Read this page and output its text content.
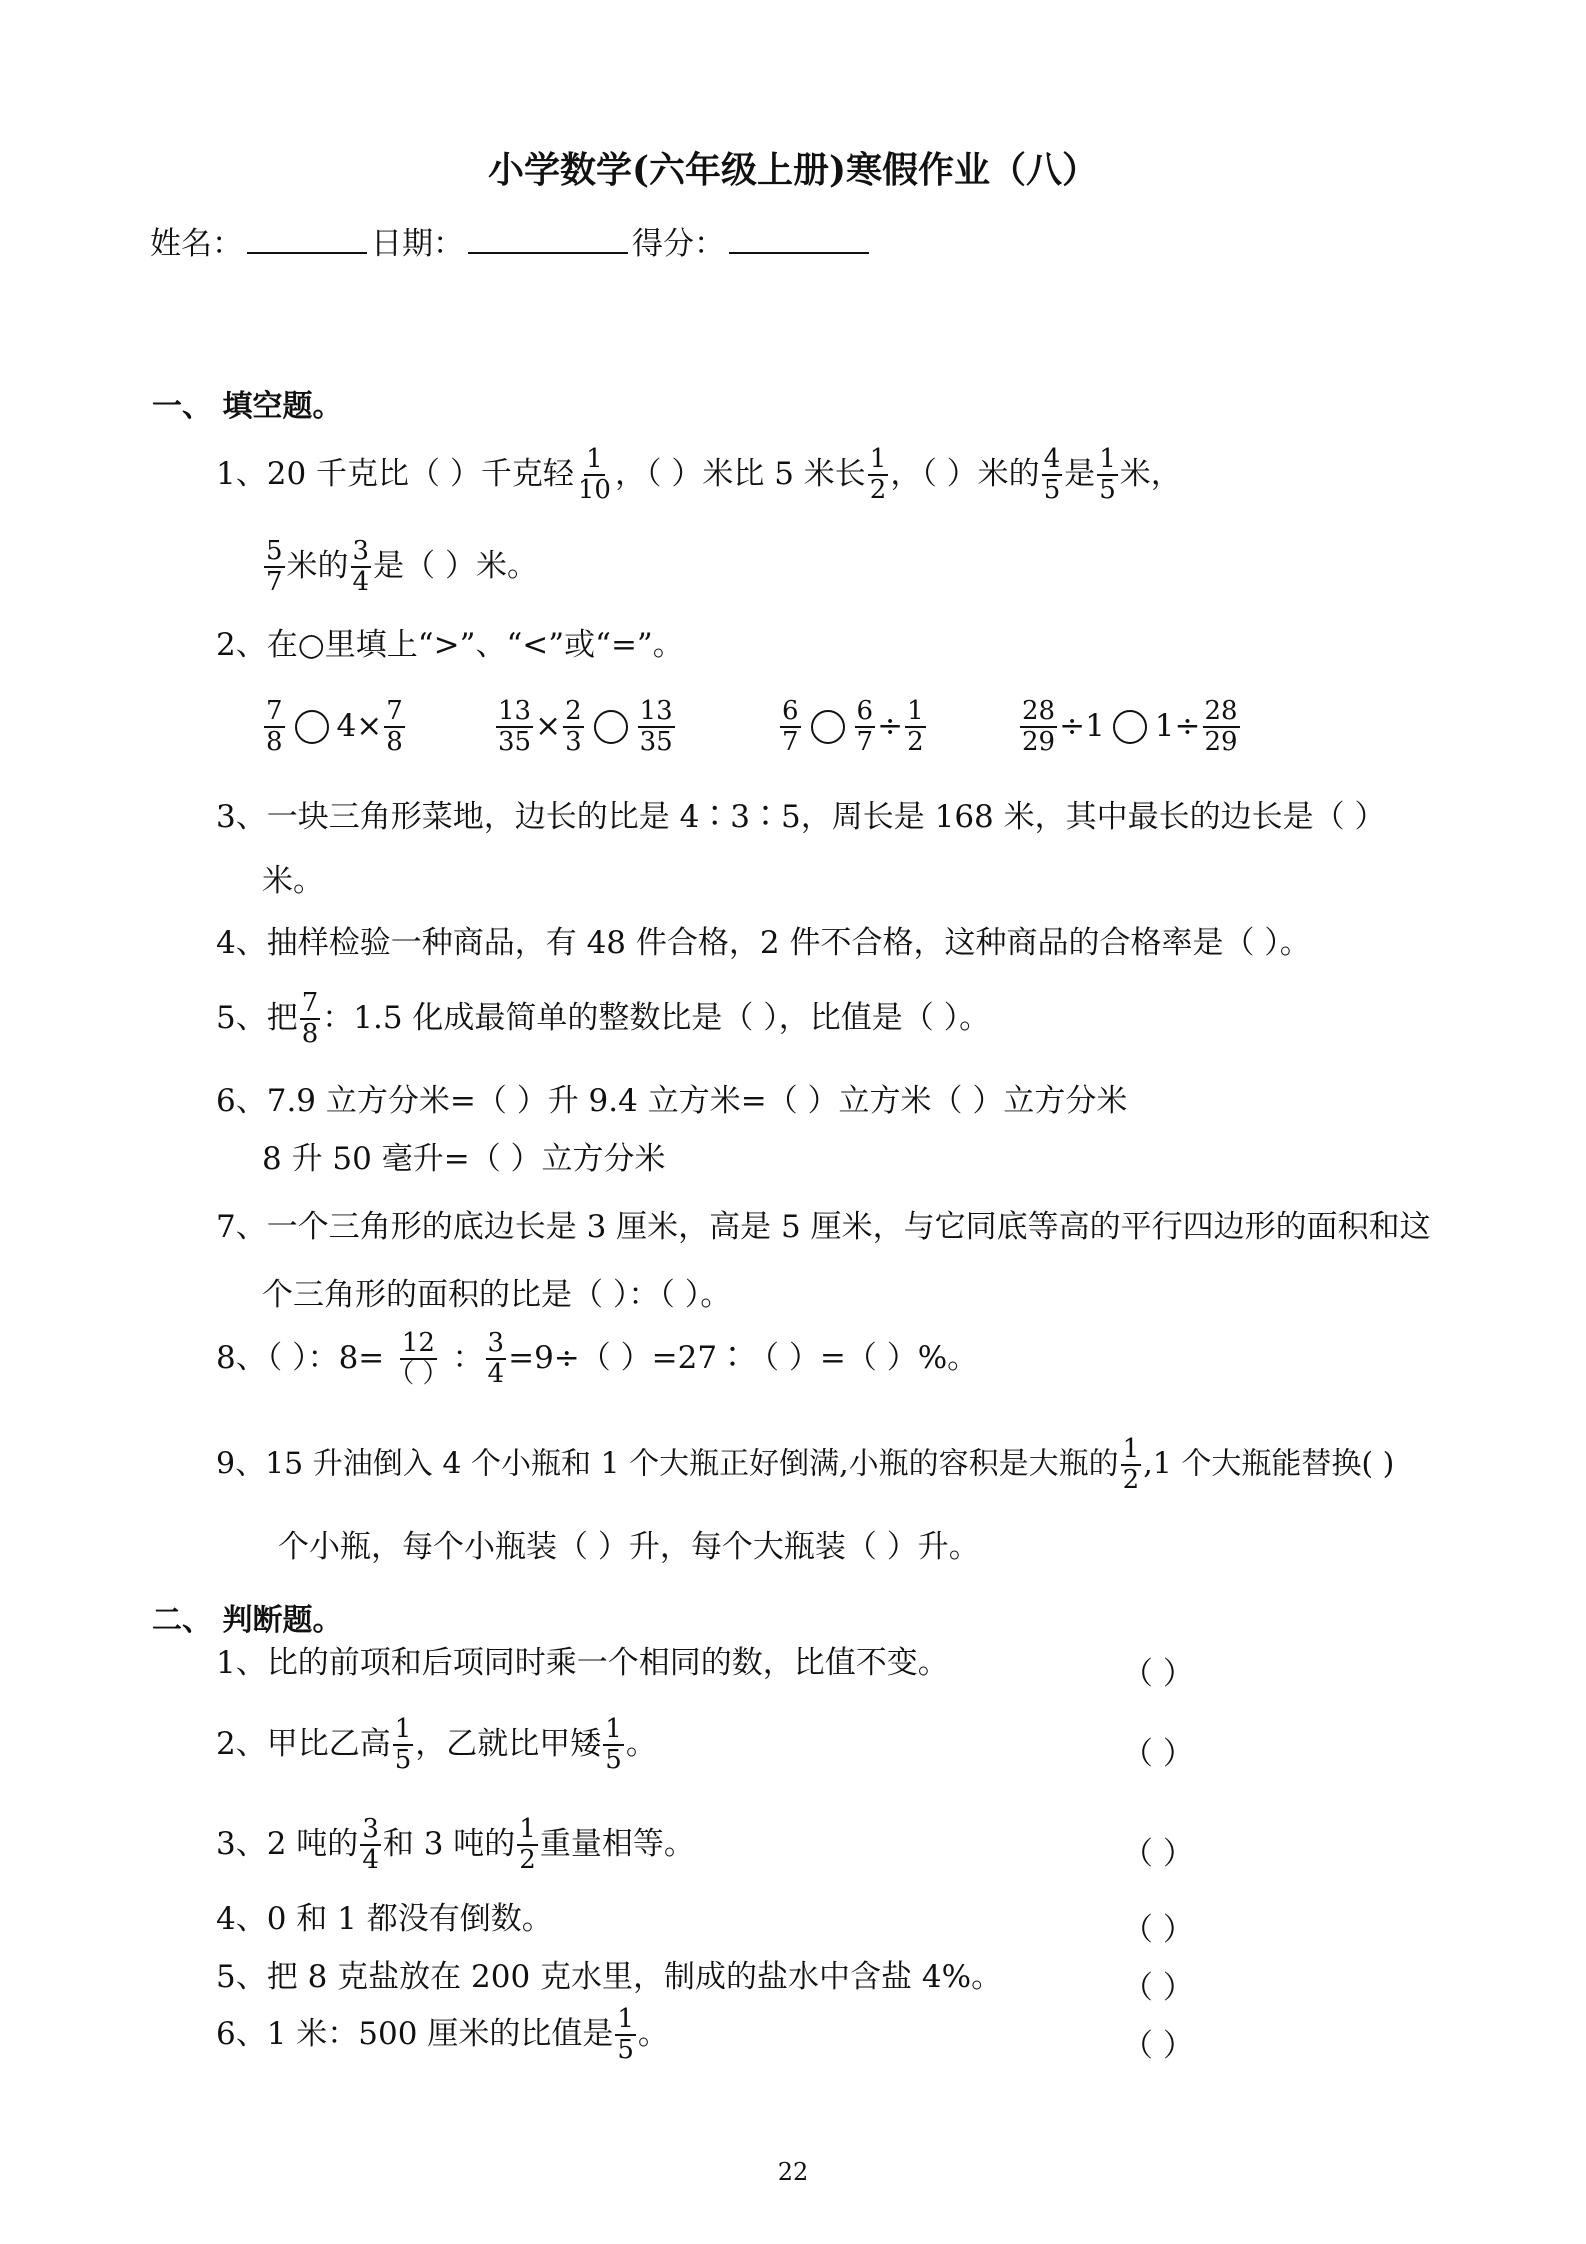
小学数学(六年级上册)寒假作业（八）
姓名：	日期：	得分：
一、 填空题。
1、20 千克比（ ）千克轻 $\frac{1}{10}$ ，（ ）米比 5 米长 $\frac{1}{2}$ ，（ ）米的 $\frac{4}{5}$ 是 $\frac{1}{5}$ 米，
$\frac{5}{7}$ 米的 $\frac{3}{4}$ 是（ ）米。
2、在○里填上“>”、“<”或“=”。
$\frac{7}{8} 4\times \frac{7}{8}$	$\frac{13}{35} \times \frac{2}{3} \frac{13}{35}$	$\frac{6}{7} \frac{6}{7} \div \frac{1}{2}$	$\frac{28}{29} \div 1$ $1\div \frac{28}{29}$
3、一块三角形菜地，边长的比是 4∶3∶5，周长是 168 米，其中最长的边长是（ ）
米。
4、抽样检验一种商品，有 48 件合格，2 件不合格，这种商品的合格率是（ ）。
5、把 $\frac{7}{8}$ ：1.5 化成最简单的整数比是（ ），比值是（ ）。
6、7.9 立方分米=（ ）升 9.4 立方米=（ ）立方米（ ）立方分米
8 升 50 毫升=（ ）立方分米
7、一个三角形的底边长是 3 厘米，高是 5 厘米，与它同底等高的平行四边形的面积和这
个三角形的面积的比是（ ）：（ ）。
8、（ ）：$8= \frac{12}{( )}$ ： $\frac{3}{4} =9\div$（ ）=27∶（ ）=（ ）%。
9、15 升油倒入 4 个小瓶和 1 个大瓶正好倒满,小瓶的容积是大瓶的 $\frac{1}{2} ,1$ 个大瓶能替换( )
个小瓶，每个小瓶装（ ）升，每个大瓶装（ ）升。
二、 判断题。
1、比的前项和后项同时乘一个相同的数，比值不变。	（ ）
2、甲比乙高 $\frac{1}{5}$ ，乙就比甲矮 $\frac{1}{5}$ 。	（ ）
3、2 吨的 $\frac{3}{4}$ 和 3 吨的 $\frac{1}{2}$ 重量相等。	（ ）
4、0 和 1 都没有倒数。	（ ）
5、把 8 克盐放在 200 克水里，制成的盐水中含盐 4%。	（ ）
6、1 米：500 厘米的比值是 $\frac{1}{5}$ 。	（ ）
22
